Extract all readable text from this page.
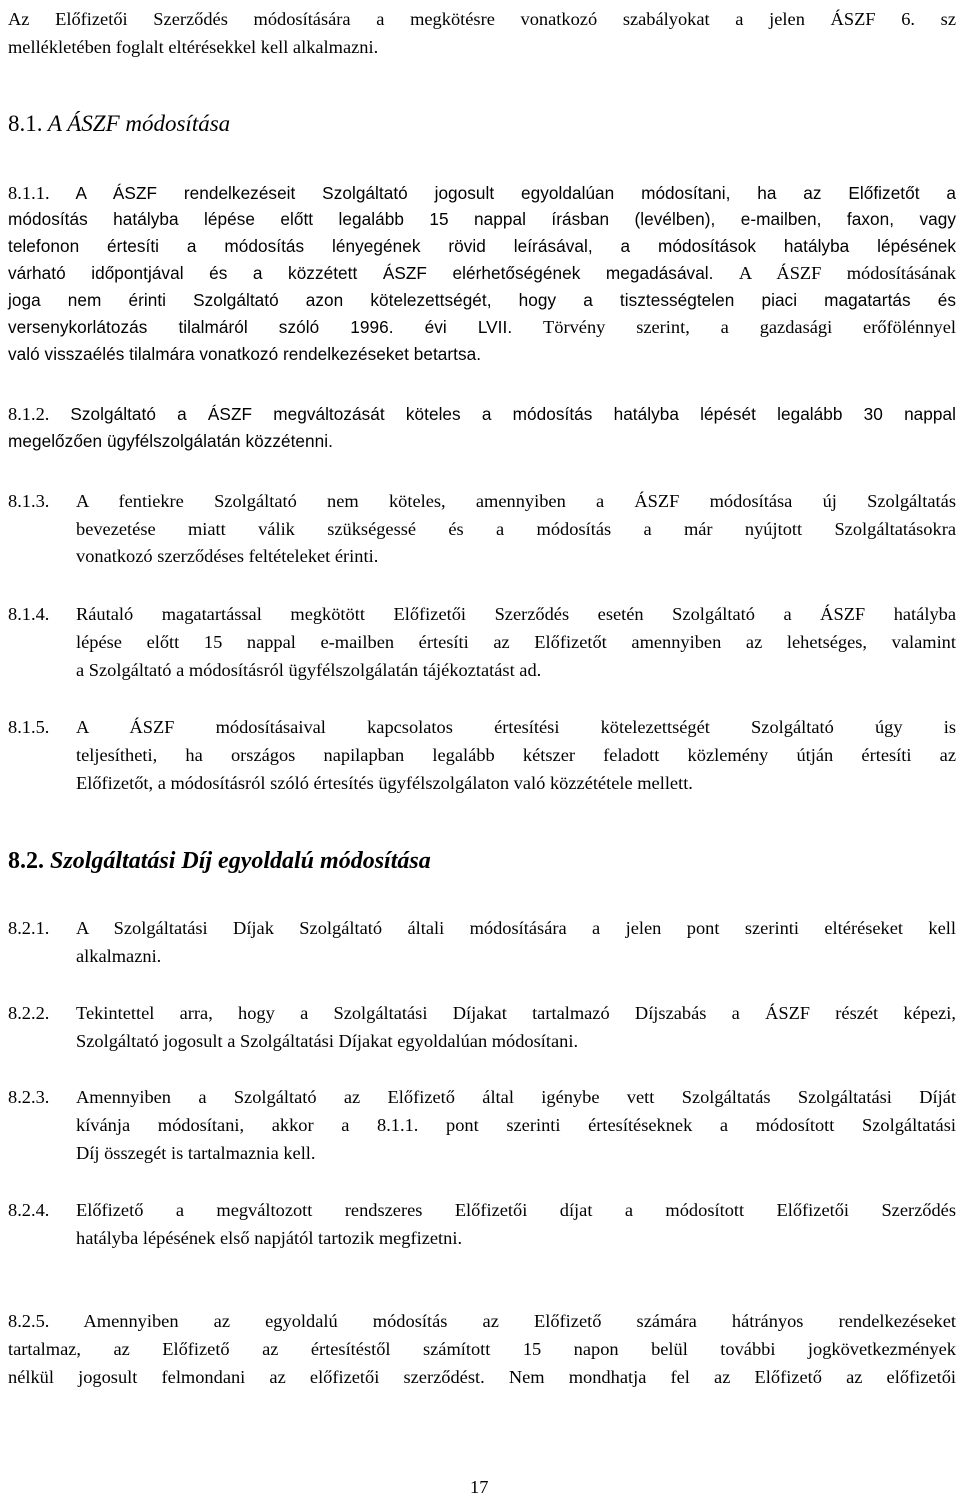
Az Előfizetői Szerződés módosítására a megkötésre vonatkozó szabályokat a jelen ÁSZF 6. sz
mellékletében foglalt eltérésekkel kell alkalmazni.
8.1. A ÁSZF módosítása
8.1.1. A ÁSZF rendelkezéseit Szolgáltató jogosult egyoldalúan módosítani, ha az Előfizetőt a
módosítás hatályba lépése előtt legalább 15 nappal írásban (levélben), e-mailben, faxon, vagy
telefonon értesíti a módosítás lényegének rövid leírásával, a módosítások hatályba lépésének
várható időpontjával és a közzétett ÁSZF elérhetőségének megadásával. A ÁSZF módosításának
joga nem érinti Szolgáltató azon kötelezettségét, hogy a tisztességtelen piaci magatartás és
versenykorlátozás tilalmáról szóló 1996. évi LVII. Törvény szerint, a gazdasági erőfölénnyel
való visszaélés tilalmára vonatkozó rendelkezéseket betartsa.
8.1.2. Szolgáltató a ÁSZF megváltozását köteles a módosítás hatályba lépését legalább 30 nappal
megelőzően ügyfélszolgálatán közzétenni.
8.1.3. A fentiekre Szolgáltató nem köteles, amennyiben a ÁSZF módosítása új Szolgáltatás
bevezetése miatt válik szükségessé és a módosítás a már nyújtott Szolgáltatásokra
vonatkozó szerződéses feltételeket érinti.
8.1.4. Ráutaló magatartással megkötött Előfizetői Szerződés esetén Szolgáltató a ÁSZF hatályba
lépése előtt 15 nappal e-mailben értesíti az Előfizetőt amennyiben az lehetséges, valamint
a Szolgáltató a módosításról ügyfélszolgálatán tájékoztatást ad.
8.1.5. A ÁSZF módosításaival kapcsolatos értesítési kötelezettségét Szolgáltató úgy is
teljesítheti, ha országos napilapban legalább kétszer feladott közlemény útján értesíti az
Előfizetőt, a módosításról szóló értesítés ügyfélszolgálaton való közzététele mellett.
8.2. Szolgáltatási Díj egyoldalú módosítása
8.2.1. A Szolgáltatási Díjak Szolgáltató általi módosítására a jelen pont szerinti eltéréseket kell
alkalmazni.
8.2.2. Tekintettel arra, hogy a Szolgáltatási Díjakat tartalmazó Díjszabás a ÁSZF részét képezi,
Szolgáltató jogosult a Szolgáltatási Díjakat egyoldalúan módosítani.
8.2.3. Amennyiben a Szolgáltató az Előfizető által igénybe vett Szolgáltatás Szolgáltatási Díját
kívánja módosítani, akkor a 8.1.1. pont szerinti értesítéseknek a módosított Szolgáltatási
Díj összegét is tartalmaznia kell.
8.2.4. Előfizető a megváltozott rendszeres Előfizetői díjat a módosított Előfizetői Szerződés
hatályba lépésének első napjától tartozik megfizetni.
8.2.5. Amennyiben az egyoldalú módosítás az Előfizető számára hátrányos rendelkezéseket
tartalmaz, az Előfizető az értesítéstől számított 15 napon belül további jogkövetkezmények
nélkül jogosult felmondani az előfizetői szerződést. Nem mondhatja fel az Előfizető az előfizetői
17
